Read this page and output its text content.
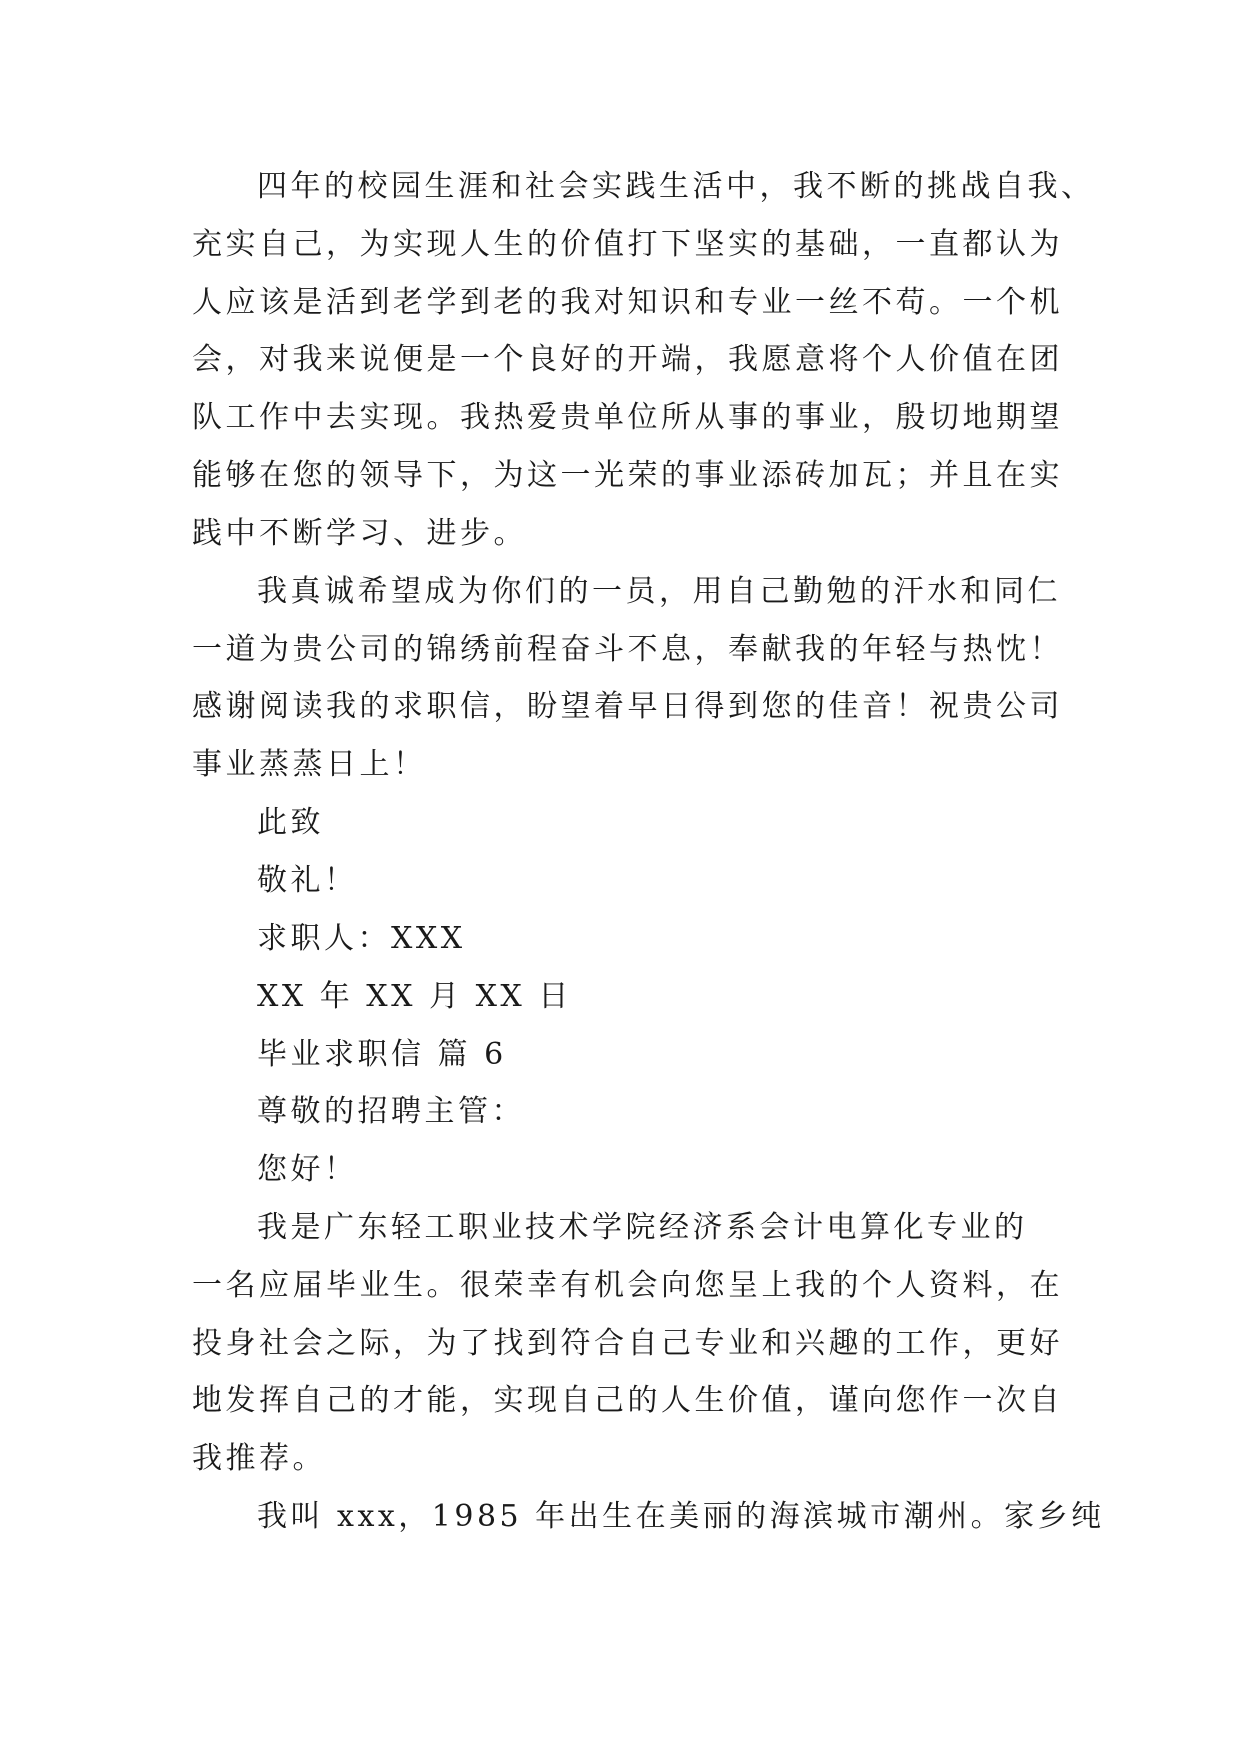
四年的校园生涯和社会实践生活中，我不断的挑战自我、

充实自己，为实现人生的价值打下坚实的基础，一直都认为

人应该是活到老学到老的我对知识和专业一丝不苟。一个机

会，对我来说便是一个良好的开端，我愿意将个人价值在团

队工作中去实现。我热爱贵单位所从事的事业，殷切地期望

能够在您的领导下，为这一光荣的事业添砖加瓦；并且在实

践中不断学习、进步。

我真诚希望成为你们的一员，用自己勤勉的汗水和同仁

一道为贵公司的锦绣前程奋斗不息，奉献我的年轻与热忱！

感谢阅读我的求职信，盼望着早日得到您的佳音！祝贵公司

事业蒸蒸日上！

此致

敬礼！

求职人：XXX

XX 年 XX 月 XX 日

毕业求职信 篇 6

尊敬的招聘主管：

您好！

我是广东轻工职业技术学院经济系会计电算化专业的

一名应届毕业生。很荣幸有机会向您呈上我的个人资料，在

投身社会之际，为了找到符合自己专业和兴趣的工作，更好

地发挥自己的才能，实现自己的人生价值，谨向您作一次自

我推荐。

我叫 xxx，1985 年出生在美丽的海滨城市潮州。家乡纯
